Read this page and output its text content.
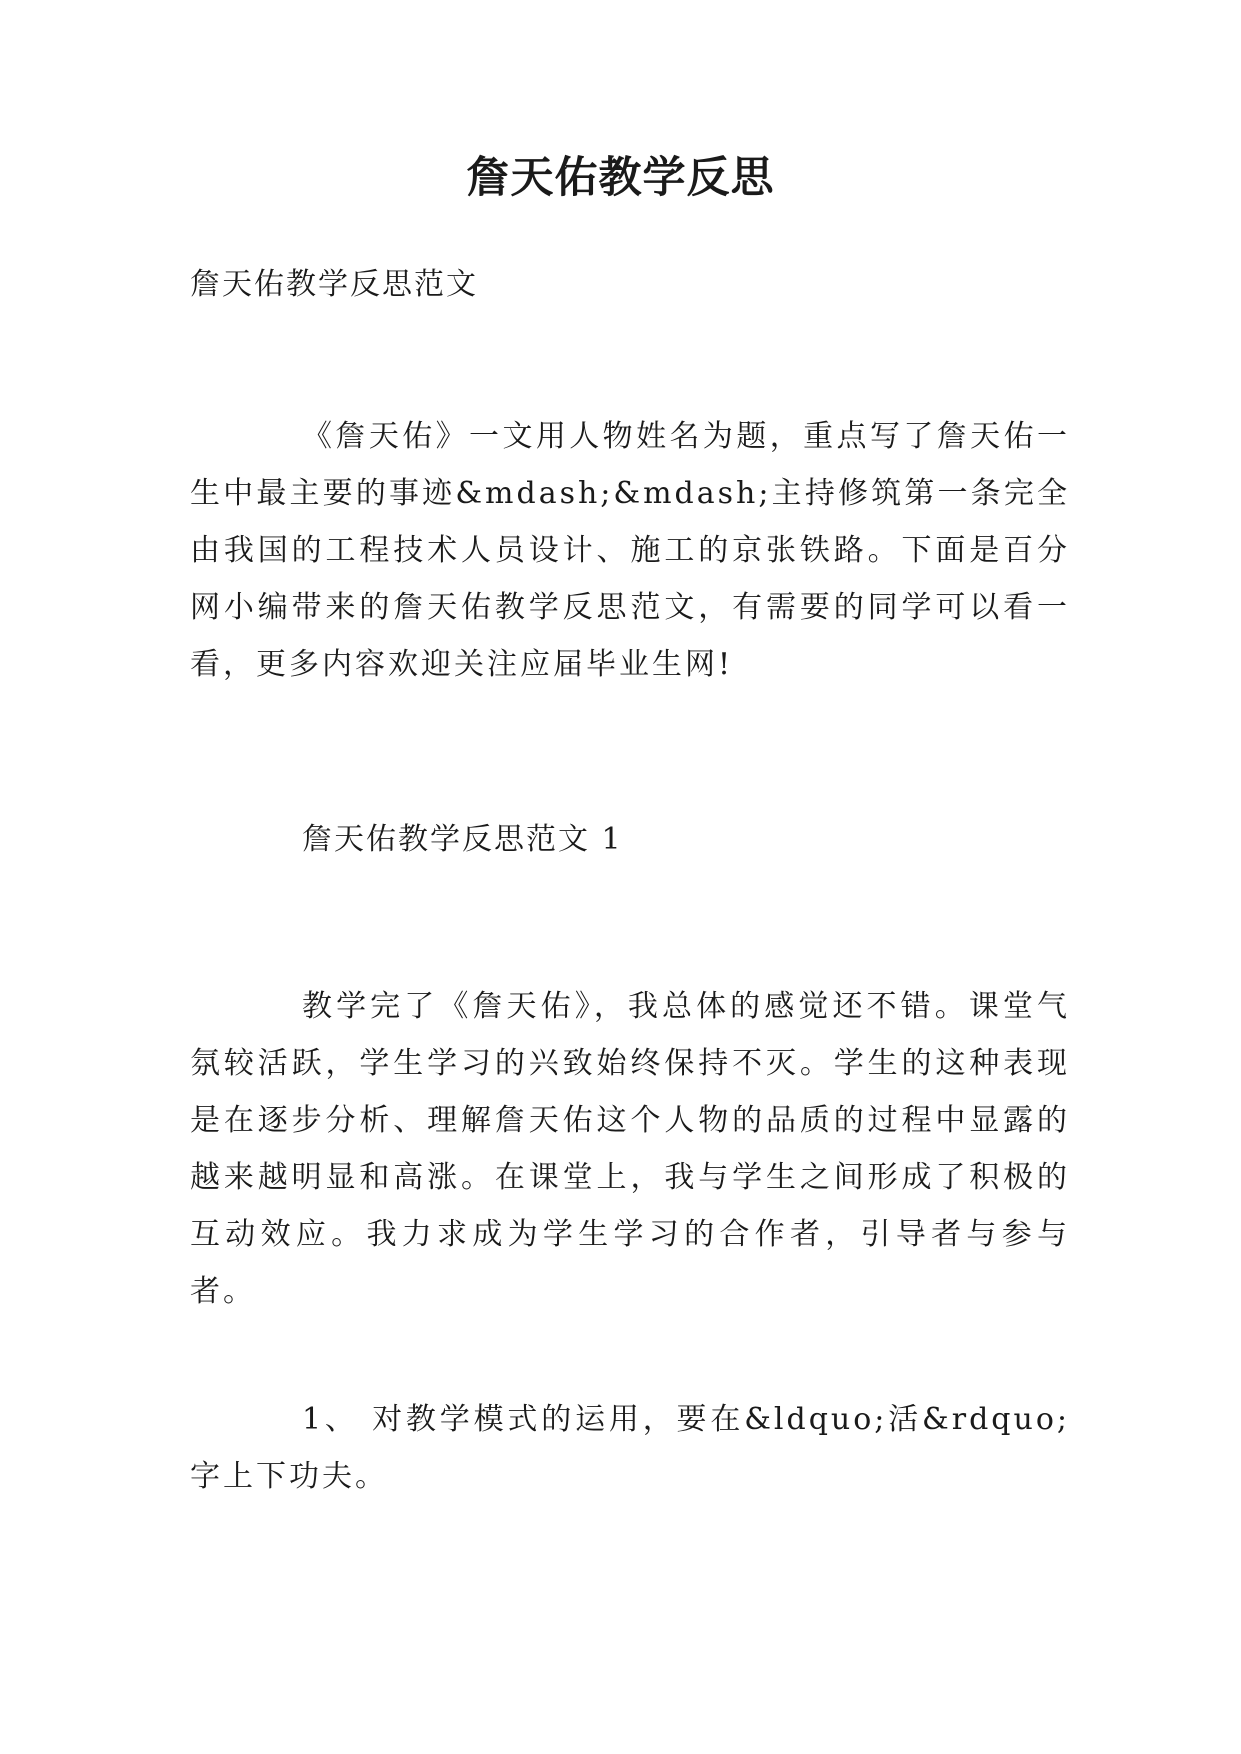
詹天佑教学反思
詹天佑教学反思范文

《詹天佑》一文用人物姓名为题，重点写了詹天佑一生中最主要的事迹&mdash;&mdash;主持修筑第一条完全由我国的工程技术人员设计、施工的京张铁路。下面是百分网小编带来的詹天佑教学反思范文，有需要的同学可以看一看，更多内容欢迎关注应届毕业生网!

詹天佑教学反思范文 1

教学完了《詹天佑》，我总体的感觉还不错。课堂气氛较活跃，学生学习的兴致始终保持不灭。学生的这种表现是在逐步分析、理解詹天佑这个人物的品质的过程中显露的越来越明显和高涨。在课堂上，我与学生之间形成了积极的互动效应。我力求成为学生学习的合作者，引导者与参与者。

1、 对教学模式的运用，要在&ldquo;活&rdquo; 字上下功夫。
